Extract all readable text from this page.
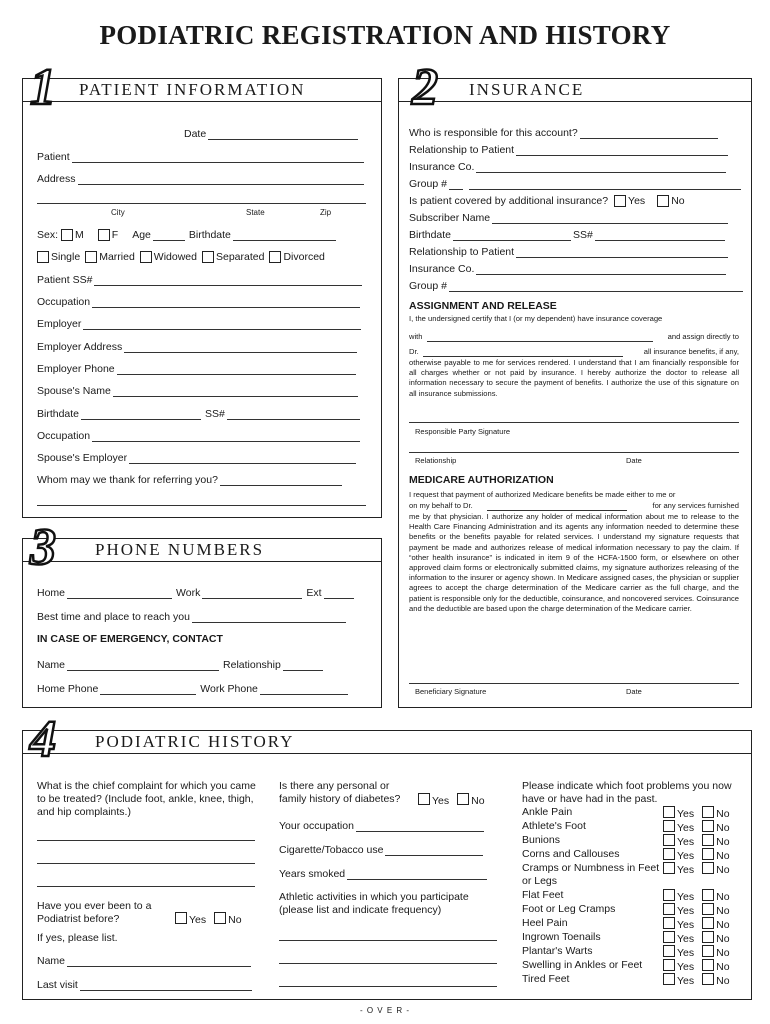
PODIATRIC REGISTRATION AND HISTORY
PATIENT INFORMATION
1
Date
Patient
Address
City	State	Zip
Sex: M	F Age	Birthdate
Single Married Widowed Separated Divorced
Patient SS#
Occupation
Employer
Employer Address
Employer Phone
Spouse's Name
Birthdate	SS#
Occupation
Spouse's Employer
Whom may we thank for referring you?
INSURANCE
2
Who is responsible for this account?
Relationship to Patient
Insurance Co.
Group #
Is patient covered by additional insurance? Yes No
Subscriber Name
Birthdate	SS#
Relationship to Patient
Insurance Co.
Group #
ASSIGNMENT AND RELEASE
I, the undersigned certify that I (or my dependent) have insurance coverage
with	and assign directly to
Dr.	all insurance benefits, if any,
otherwise payable to me for services rendered. I understand that I am financially responsible for all charges whether or not paid by insurance. I hereby authorize the doctor to release all information necessary to secure the payment of benefits. I authorize the use of this signature on all insurance submissions.
Responsible Party Signature
Relationship	Date
MEDICARE AUTHORIZATION
I request that payment of authorized Medicare benefits be made either to me or
on my behalf to Dr.	for any services furnished
me by that physician. I authorize any holder of medical information about me to release to the Health Care Financing Administration and its agents any information needed to determine these benefits or the benefits payable for related services. I understand my signature requests that payment be made and authorizes release of medical information necessary to pay the claim. If “other health insurance” is indicated in item 9 of the HCFA-1500 form, or elsewhere on other approved claim forms or electronically submitted claims, my signature authorizes releasing of the information to the insurer or agency shown. In Medicare assigned cases, the physician or supplier agrees to accept the charge determination of the Medicare carrier as the full charge, and the patient is responsible only for the deductible, coinsurance, and noncovered services. Coinsurance and the deductible are based upon the charge determination of the Medicare carrier.
Beneficiary Signature	Date
PHONE NUMBERS
3
Home	Work	Ext
Best time and place to reach you
IN CASE OF EMERGENCY, CONTACT
Name	Relationship
Home Phone	Work Phone
PODIATRIC HISTORY
4
What is the chief complaint for which you came to be treated? (Include foot, ankle, knee, thigh, and hip complaints.)
Have you ever been to a Podiatrist before?	Yes No
If yes, please list.
Name
Last visit
Is there any personal or family history of diabetes?	Yes No
Your occupation
Cigarette/Tobacco use
Years smoked
Athletic activities in which you participate (please list and indicate frequency)
Please indicate which foot problems you now have or have had in the past.
Ankle Pain	Yes No
Athlete's Foot	Yes No
Bunions	Yes No
Corns and Callouses	Yes No
Cramps or Numbness in Feet or Legs
Yes No
Flat Feet	Yes No
Foot or Leg Cramps	Yes No
Heel Pain	Yes No
Ingrown Toenails	Yes No
Plantar's Warts	Yes No
Swelling in Ankles or Feet	Yes No
Tired Feet	Yes No
- O V E R -
